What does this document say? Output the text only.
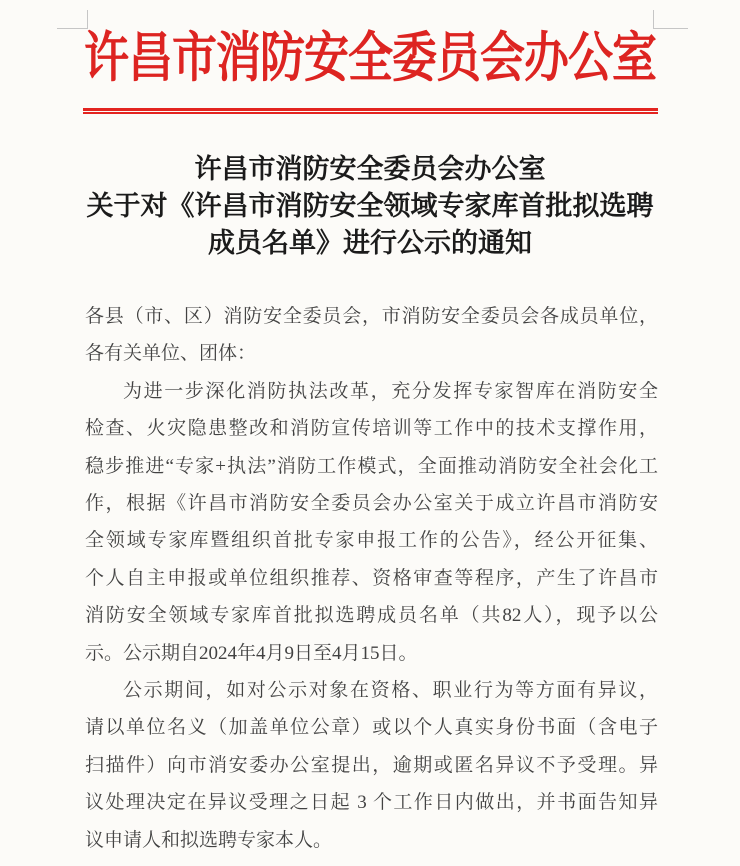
许昌市消防安全委员会办公室
许昌市消防安全委员会办公室
关于对《许昌市消防安全领域专家库首批拟选聘
成员名单》进行公示的通知
各县（市、区）消防安全委员会，市消防安全委员会各成员单位，
各有关单位、团体：
为进一步深化消防执法改革，充分发挥专家智库在消防安全
检查、火灾隐患整改和消防宣传培训等工作中的技术支撑作用，
稳步推进“专家+执法”消防工作模式，全面推动消防安全社会化工
作，根据《许昌市消防安全委员会办公室关于成立许昌市消防安
全领域专家库暨组织首批专家申报工作的公告》，经公开征集、
个人自主申报或单位组织推荐、资格审查等程序，产生了许昌市
消防安全领域专家库首批拟选聘成员名单（共82人），现予以公
示。公示期自2024年4月9日至4月15日。
公示期间，如对公示对象在资格、职业行为等方面有异议，
请以单位名义（加盖单位公章）或以个人真实身份书面（含电子
扫描件）向市消安委办公室提出，逾期或匿名异议不予受理。异
议处理决定在异议受理之日起 3 个工作日内做出，并书面告知异
议申请人和拟选聘专家本人。
